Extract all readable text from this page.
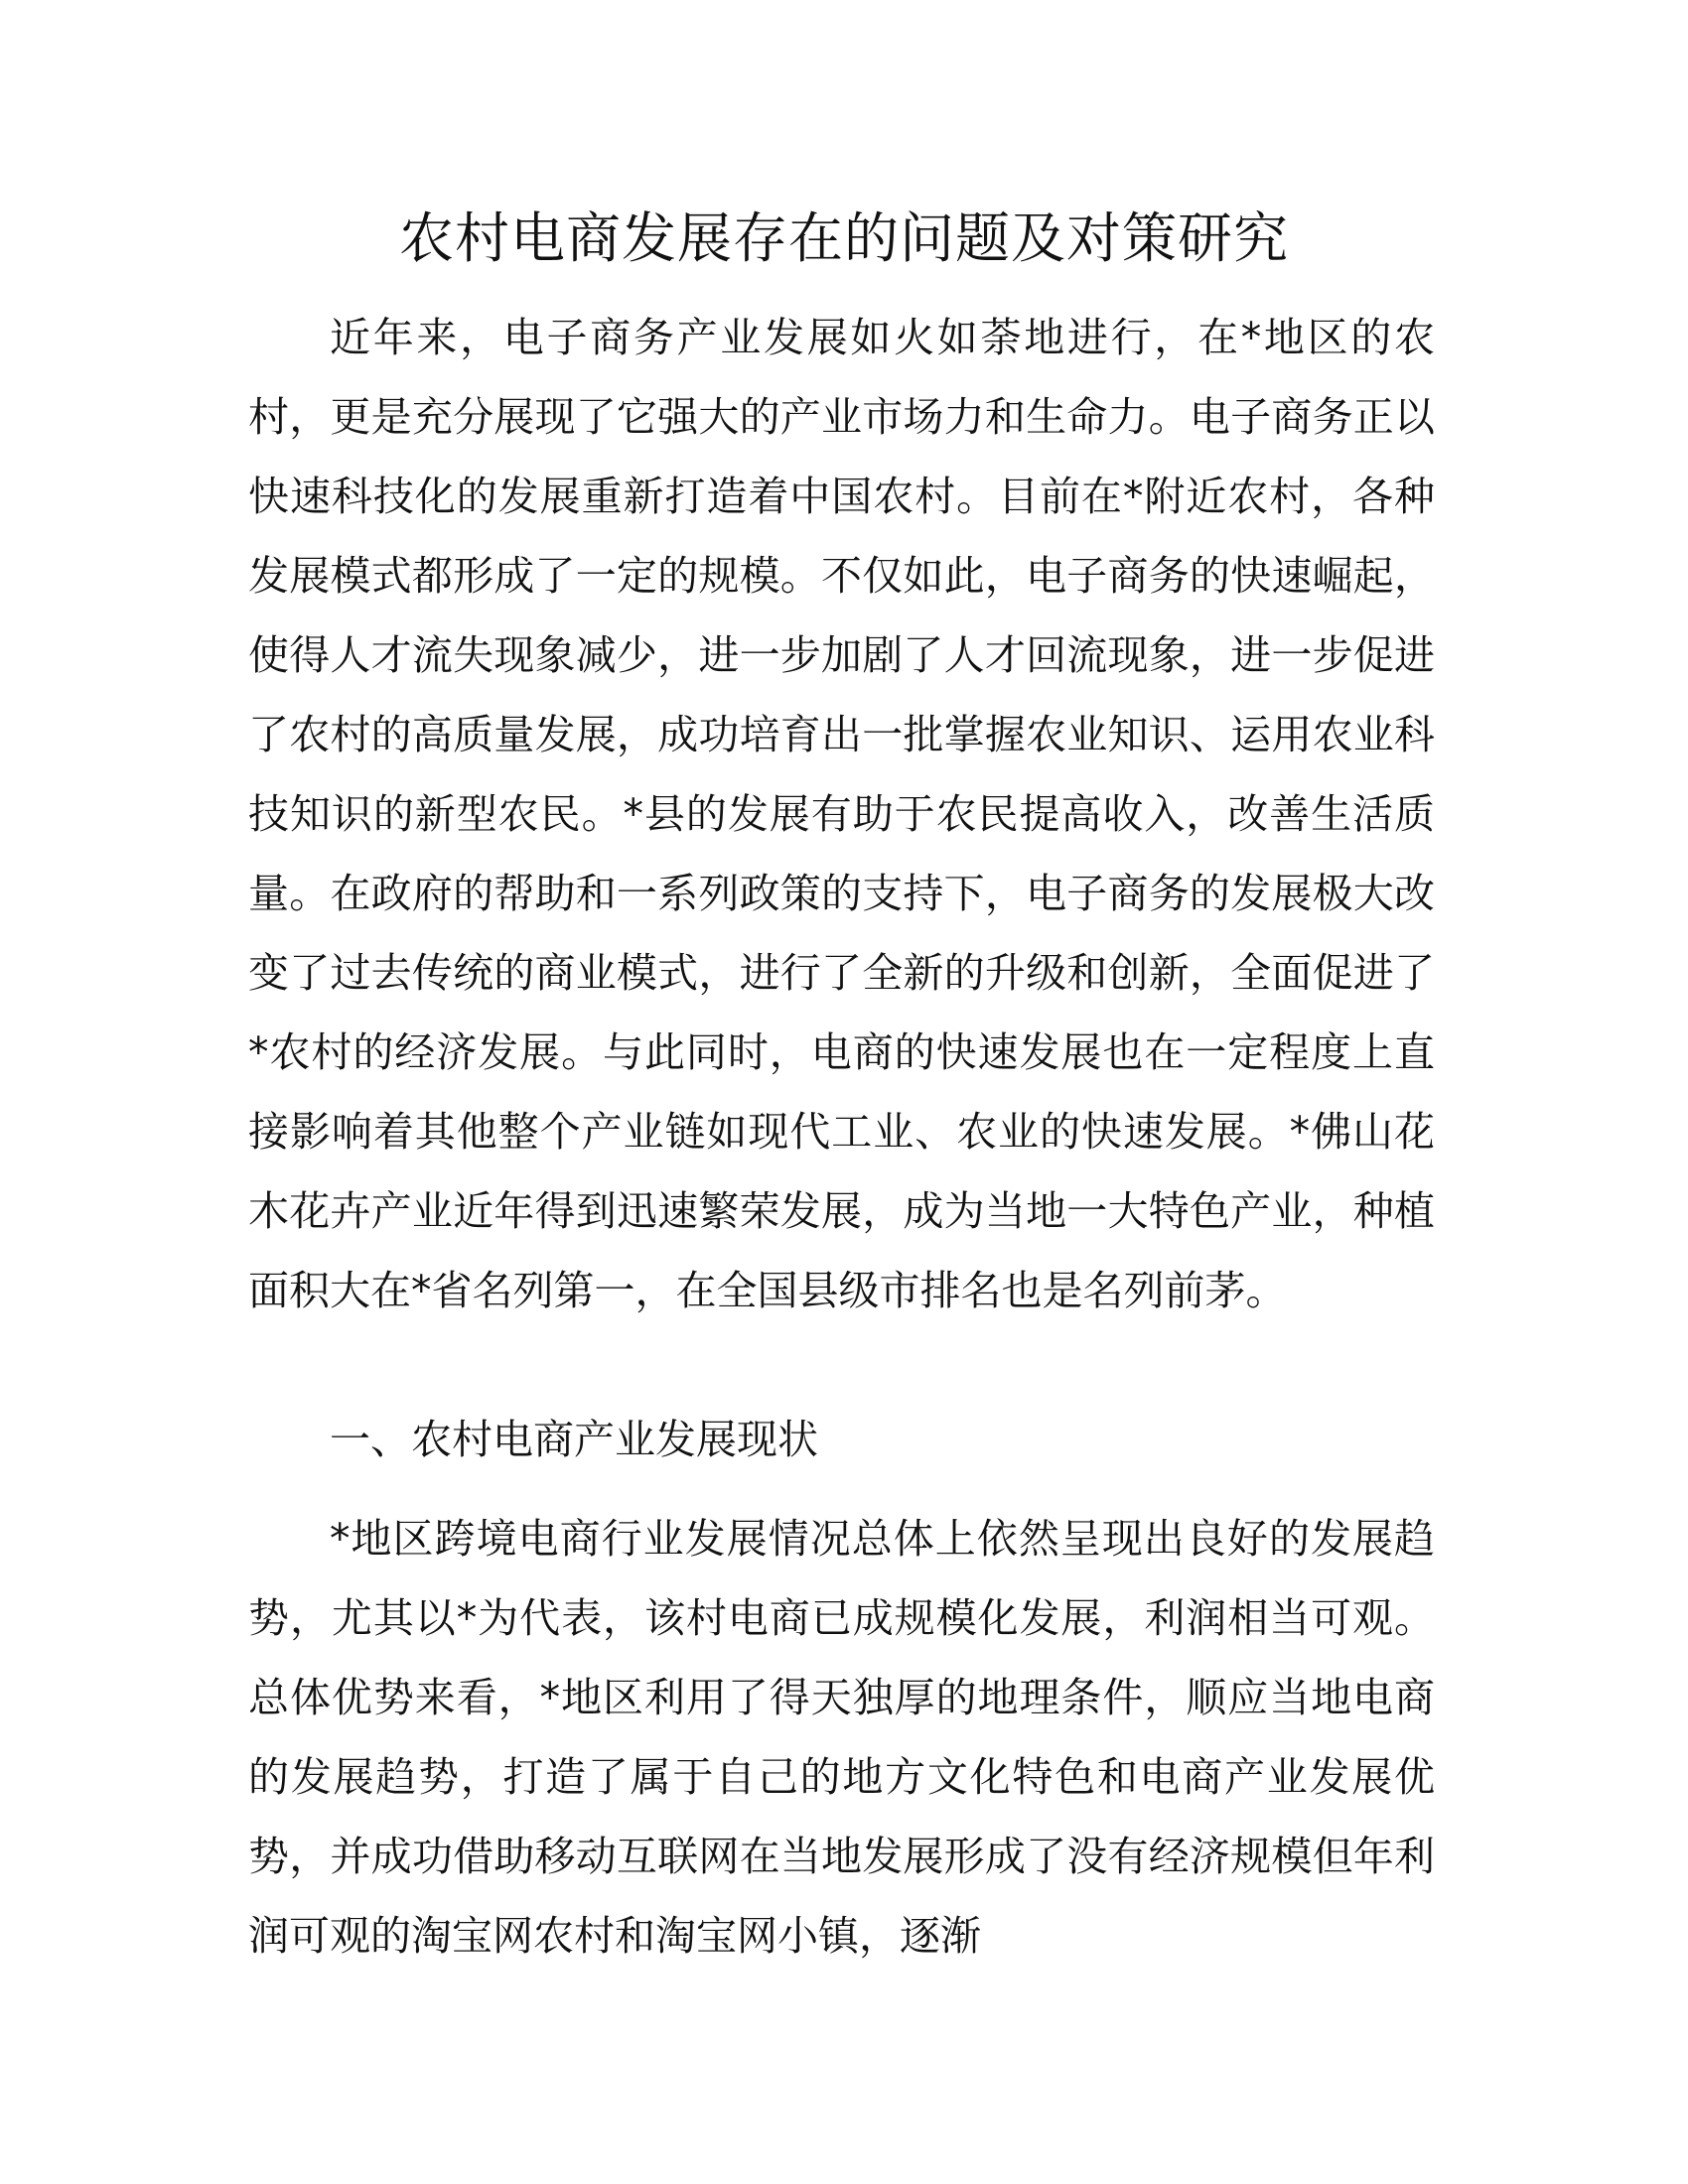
农村电商发展存在的问题及对策研究

近年来，电子商务产业发展如火如荼地进行，在*地区的农村，更是充分展现了它强大的产业市场力和生命力。电子商务正以快速科技化的发展重新打造着中国农村。目前在*附近农村，各种发展模式都形成了一定的规模。不仅如此，电子商务的快速崛起，使得人才流失现象减少，进一步加剧了人才回流现象，进一步促进了农村的高质量发展，成功培育出一批掌握农业知识、运用农业科技知识的新型农民。*县的发展有助于农民提高收入，改善生活质量。在政府的帮助和一系列政策的支持下，电子商务的发展极大改变了过去传统的商业模式，进行了全新的升级和创新，全面促进了*农村的经济发展。与此同时，电商的快速发展也在一定程度上直接影响着其他整个产业链如现代工业、农业的快速发展。*佛山花木花卉产业近年得到迅速繁荣发展，成为当地一大特色产业，种植面积大在*省名列第一，在全国县级市排名也是名列前茅。

一、农村电商产业发展现状

*地区跨境电商行业发展情况总体上依然呈现出良好的发展趋势，尤其以*为代表，该村电商已成规模化发展，利润相当可观。总体优势来看，*地区利用了得天独厚的地理条件，顺应当地电商的发展趋势，打造了属于自己的地方文化特色和电商产业发展优势，并成功借助移动互联网在当地发展形成了没有经济规模但年利润可观的淘宝网农村和淘宝网小镇，逐渐
